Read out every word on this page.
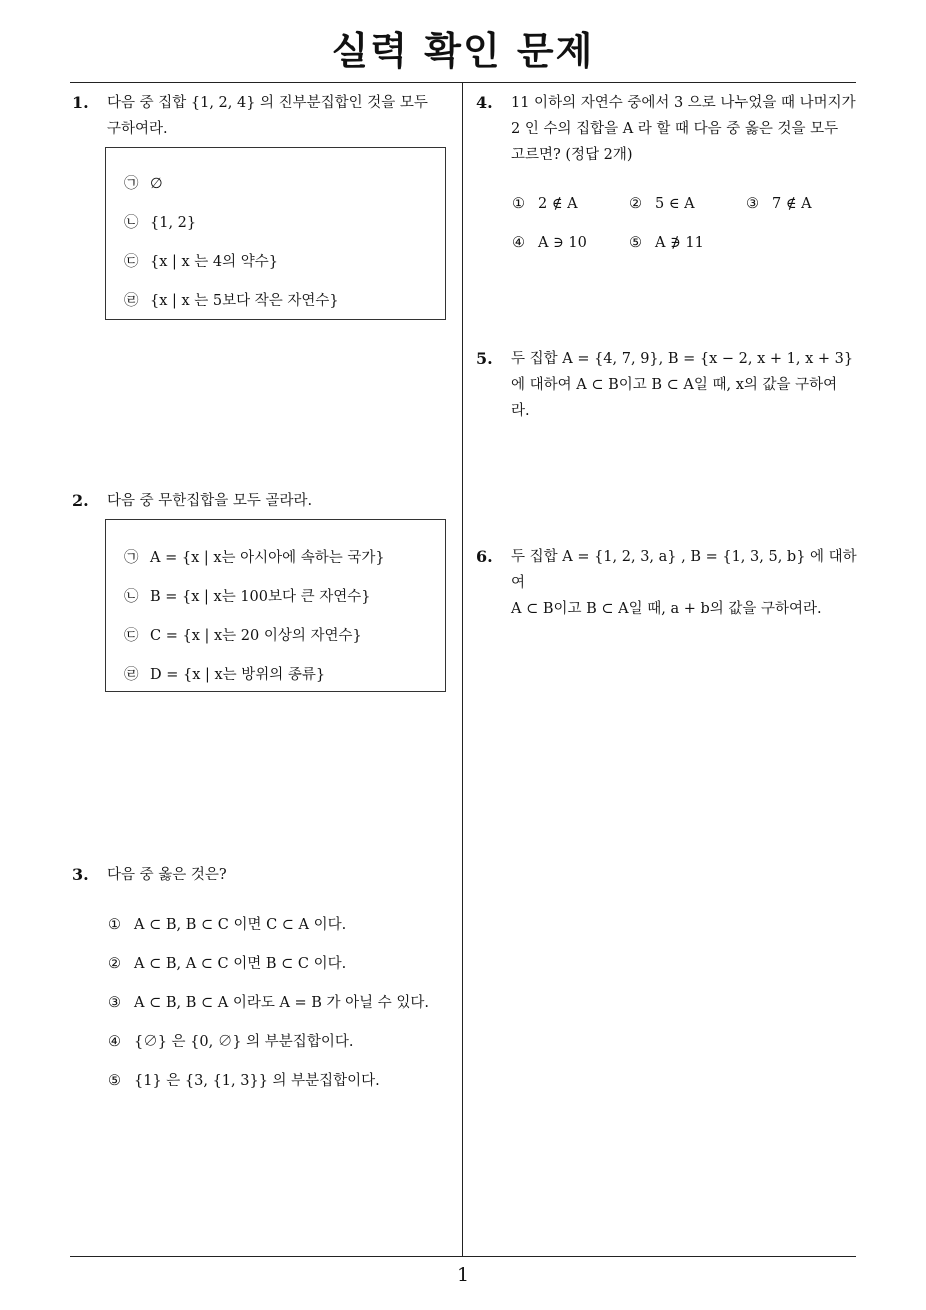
실력 확인 문제
1
1. 다음 중 집합 {1, 2, 4} 의 진부분집합인 것을 모두
구하여라.
㉠ ∅
㉡ {1, 2}
㉢ {x | x 는 4의 약수}
㉣ {x | x 는 5보다 작은 자연수}
2. 다음 중 무한집합을 모두 골라라.
㉠ A = {x | x는 아시아에 속하는 국가}
㉡ B = {x | x는 100보다 큰 자연수}
㉢ C = {x | x는 20 이상의 자연수}
㉣ D = {x | x는 방위의 종류}
3. 다음 중 옳은 것은?
① A ⊂ B, B ⊂ C 이면 C ⊂ A 이다.
② A ⊂ B, A ⊂ C 이면 B ⊂ C 이다.
③ A ⊂ B, B ⊂ A 이라도 A = B 가 아닐 수 있다.
④ {∅} 은 {0, ∅} 의 부분집합이다.
⑤ {1} 은 {3, {1, 3}} 의 부분집합이다.
4. 11 이하의 자연수 중에서 3 으로 나누었을 때 나머지가
2 인 수의 집합을 A 라 할 때 다음 중 옳은 것을 모두
고르면? (정답 2개)
① 2 ∉ A	② 5 ∈ A	③ 7 ∉ A
④ A ∋ 10	⑤ A ∌ 11
5. 두 집합 A = {4, 7, 9}, B = {x − 2, x + 1, x + 3}
에 대하여 A ⊂ B이고 B ⊂ A일 때, x의 값을 구하여
라.
6. 두 집합 A = {1, 2, 3, a} , B = {1, 3, 5, b} 에 대하여
A ⊂ B이고 B ⊂ A일 때, a + b의 값을 구하여라.
